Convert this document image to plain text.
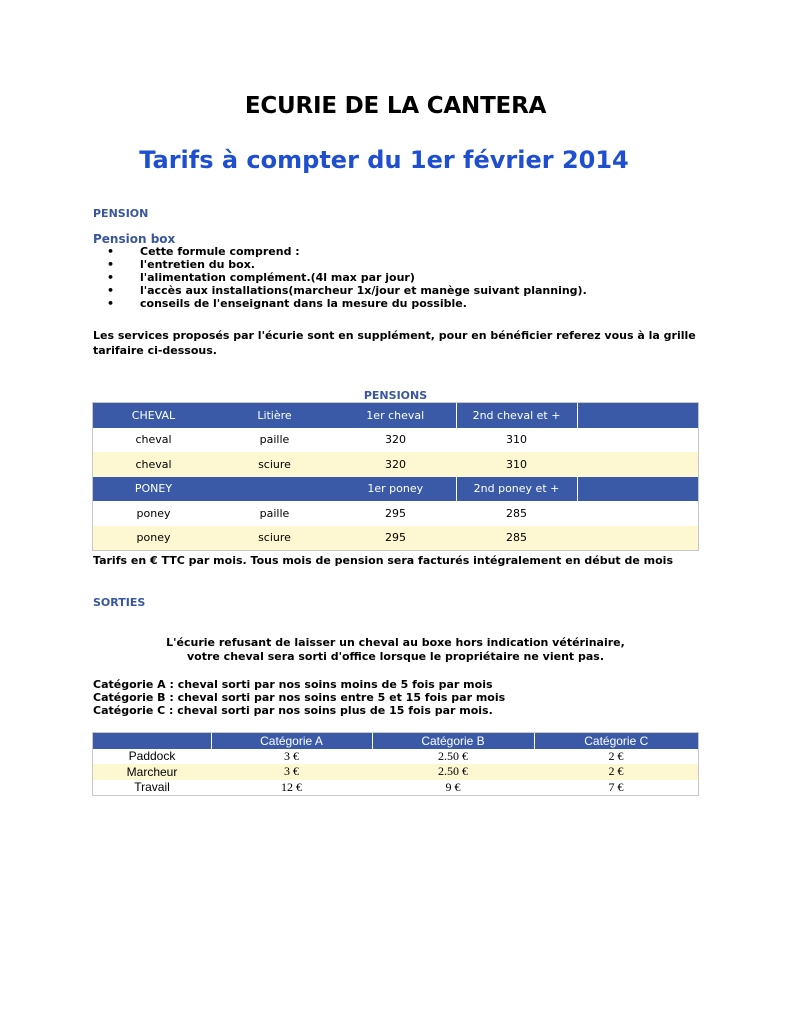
ECURIE DE LA CANTERA
Tarifs à compter du 1er février 2014
PENSION
Pension box
• Cette formule comprend :
• l'entretien du box.
• l'alimentation complément.(4l max par jour)
• l'accès aux installations(marcheur 1x/jour et manège suivant planning).
• conseils de l'enseignant dans la mesure du possible.
Les services proposés par l'écurie sont en supplément, pour en bénéficier referez vous à la grille tarifaire ci-dessous.
PENSIONS
CHEVAL	Litière	1er cheval	2nd cheval et +	
cheval	paille	320	310	
cheval	sciure	320	310	
PONEY		1er poney	2nd poney et +	
poney	paille	295	285	
poney	sciure	295	285	
Tarifs en € TTC par mois. Tous mois de pension sera facturés intégralement en début de mois
SORTIES
L'écurie refusant de laisser un cheval au boxe hors indication vétérinaire,
votre cheval sera sorti d'office lorsque le propriétaire ne vient pas.
Catégorie A : cheval sorti par nos soins moins de 5 fois par mois
Catégorie B : cheval sorti par nos soins entre 5 et 15 fois par mois
Catégorie C : cheval sorti par nos soins plus de 15 fois par mois.
	Catégorie A	Catégorie B	Catégorie C
Paddock	3 €	2.50 €	2 €
Marcheur	3 €	2.50 €	2 €
Travail	12 €	9 €	7 €
